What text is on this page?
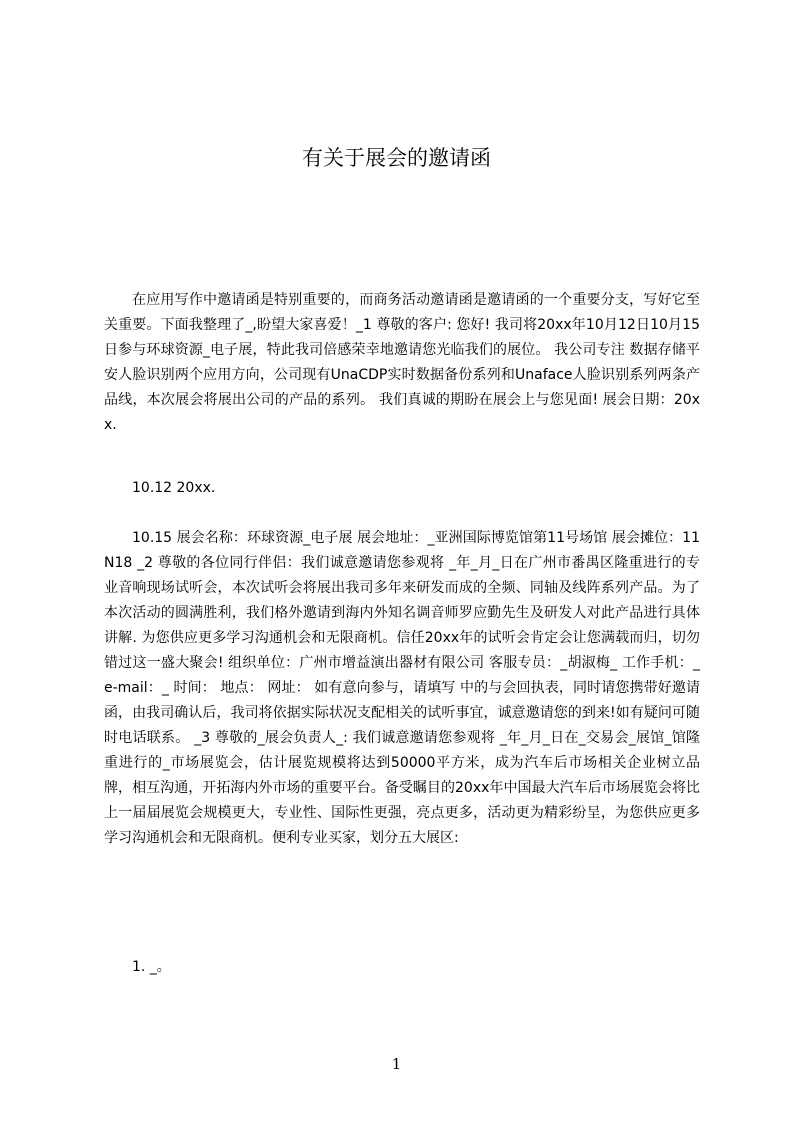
有关于展会的邀请函
在应用写作中邀请函是特别重要的，而商务活动邀请函是邀请函的一个重要分支，写好它至关重要。下面我整理了_,盼望大家喜爱！_1 尊敬的客户: 您好! 我司将20xx年10月12日10月15日参与环球资源_电子展，特此我司倍感荣幸地邀请您光临我们的展位。 我公司专注 数据存储平安人脸识别两个应用方向，公司现有UnaCDP实时数据备份系列和Unaface人脸识别系列两条产品线，本次展会将展出公司的产品的系列。 我们真诚的期盼在展会上与您见面! 展会日期：20xx.
10.12 20xx.
10.15 展会名称：环球资源_电子展 展会地址：_亚洲国际博览馆第11号场馆 展会摊位：11N18 _2 尊敬的各位同行伴侣：我们诚意邀请您参观将 _年_月_日在广州市番禺区隆重进行的专业音响现场试听会，本次试听会将展出我司多年来研发而成的全频、同轴及线阵系列产品。为了本次活动的圆满胜利，我们格外邀请到海内外知名调音师罗应勤先生及研发人对此产品进行具体讲解. 为您供应更多学习沟通机会和无限商机。信任20xx年的试听会肯定会让您满载而归，切勿错过这一盛大聚会! 组织单位：广州市增益演出器材有限公司 客服专员：_胡淑梅_ 工作手机：_ e-mail：_ 时间： 地点： 网址： 如有意向参与，请填写 中的与会回执表，同时请您携带好邀请函，由我司确认后，我司将依据实际状况支配相关的试听事宜，诚意邀请您的到来!如有疑问可随时电话联系。 _3 尊敬的_展会负责人_: 我们诚意邀请您参观将 _年_月_日在_交易会_展馆_馆隆重进行的_市场展览会，估计展览规模将达到50000平方米，成为汽车后市场相关企业树立品牌，相互沟通，开拓海内外市场的重要平台。备受瞩目的20xx年中国最大汽车后市场展览会将比上一届届展览会规模更大，专业性、国际性更强，亮点更多，活动更为精彩纷呈，为您供应更多学习沟通机会和无限商机。便利专业买家，划分五大展区:
1. _。
1
